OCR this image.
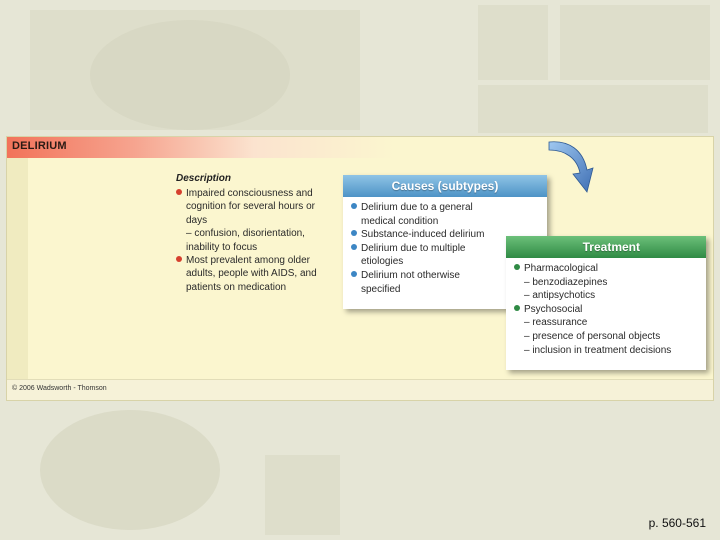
DELIRIUM
Description
Impaired consciousness and
cognition for several hours or
days
– confusion, disorientation,
inability to focus
Most prevalent among older
adults, people with AIDS, and
patients on medication
Causes (subtypes)
Delirium due to a general
medical condition
Substance-induced delirium
Delirium due to multiple
etiologies
Delirium not otherwise
specified
Treatment
Pharmacological
– benzodiazepines
– antipsychotics
Psychosocial
– reassurance
– presence of personal objects
– inclusion in treatment decisions
© 2006 Wadsworth - Thomson
p. 560-561
